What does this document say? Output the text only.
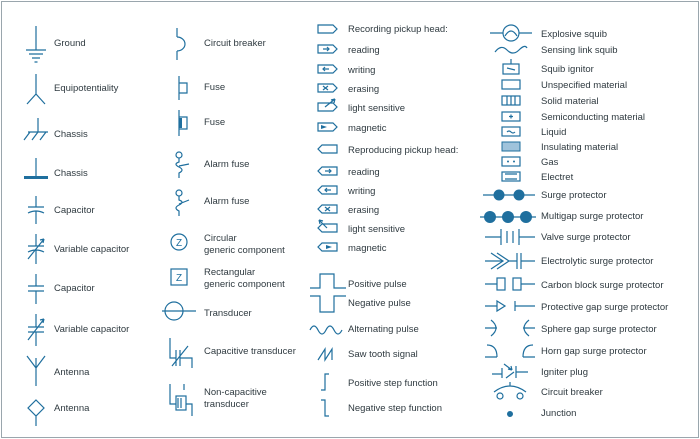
Ground
Equipotentiality
Chassis
Chassis
Capacitor
Variable capacitor
Capacitor
Variable capacitor
Antenna
Antenna
Circuit breaker
Fuse
Fuse
Alarm fuse
Alarm fuse
Z Circular
generic component
Z
Rectangular
generic component
Transducer
Capacitive transducer
Non-capacitive
transducer
Recording pickup head:
reading
writing
erasing
light sensitive
magnetic
Reproducing pickup head:
reading
writing
erasing
light sensitive
magnetic
Positive pulse
Negative pulse
Alternating pulse
Saw tooth signal
Positive step function
Negative step function
Explosive squib
Sensing link squib
Squib ignitor
Unspecified material
Solid material
Semiconducting material
Liquid
Insulating material
Gas
Electret
Surge protector
Multigap surge protector
Valve surge protector
Electrolytic surge protector
Carbon block surge protector
Protective gap surge protector
Sphere gap surge protector
Horn gap surge protector
Igniter plug
Circuit breaker
Junction
